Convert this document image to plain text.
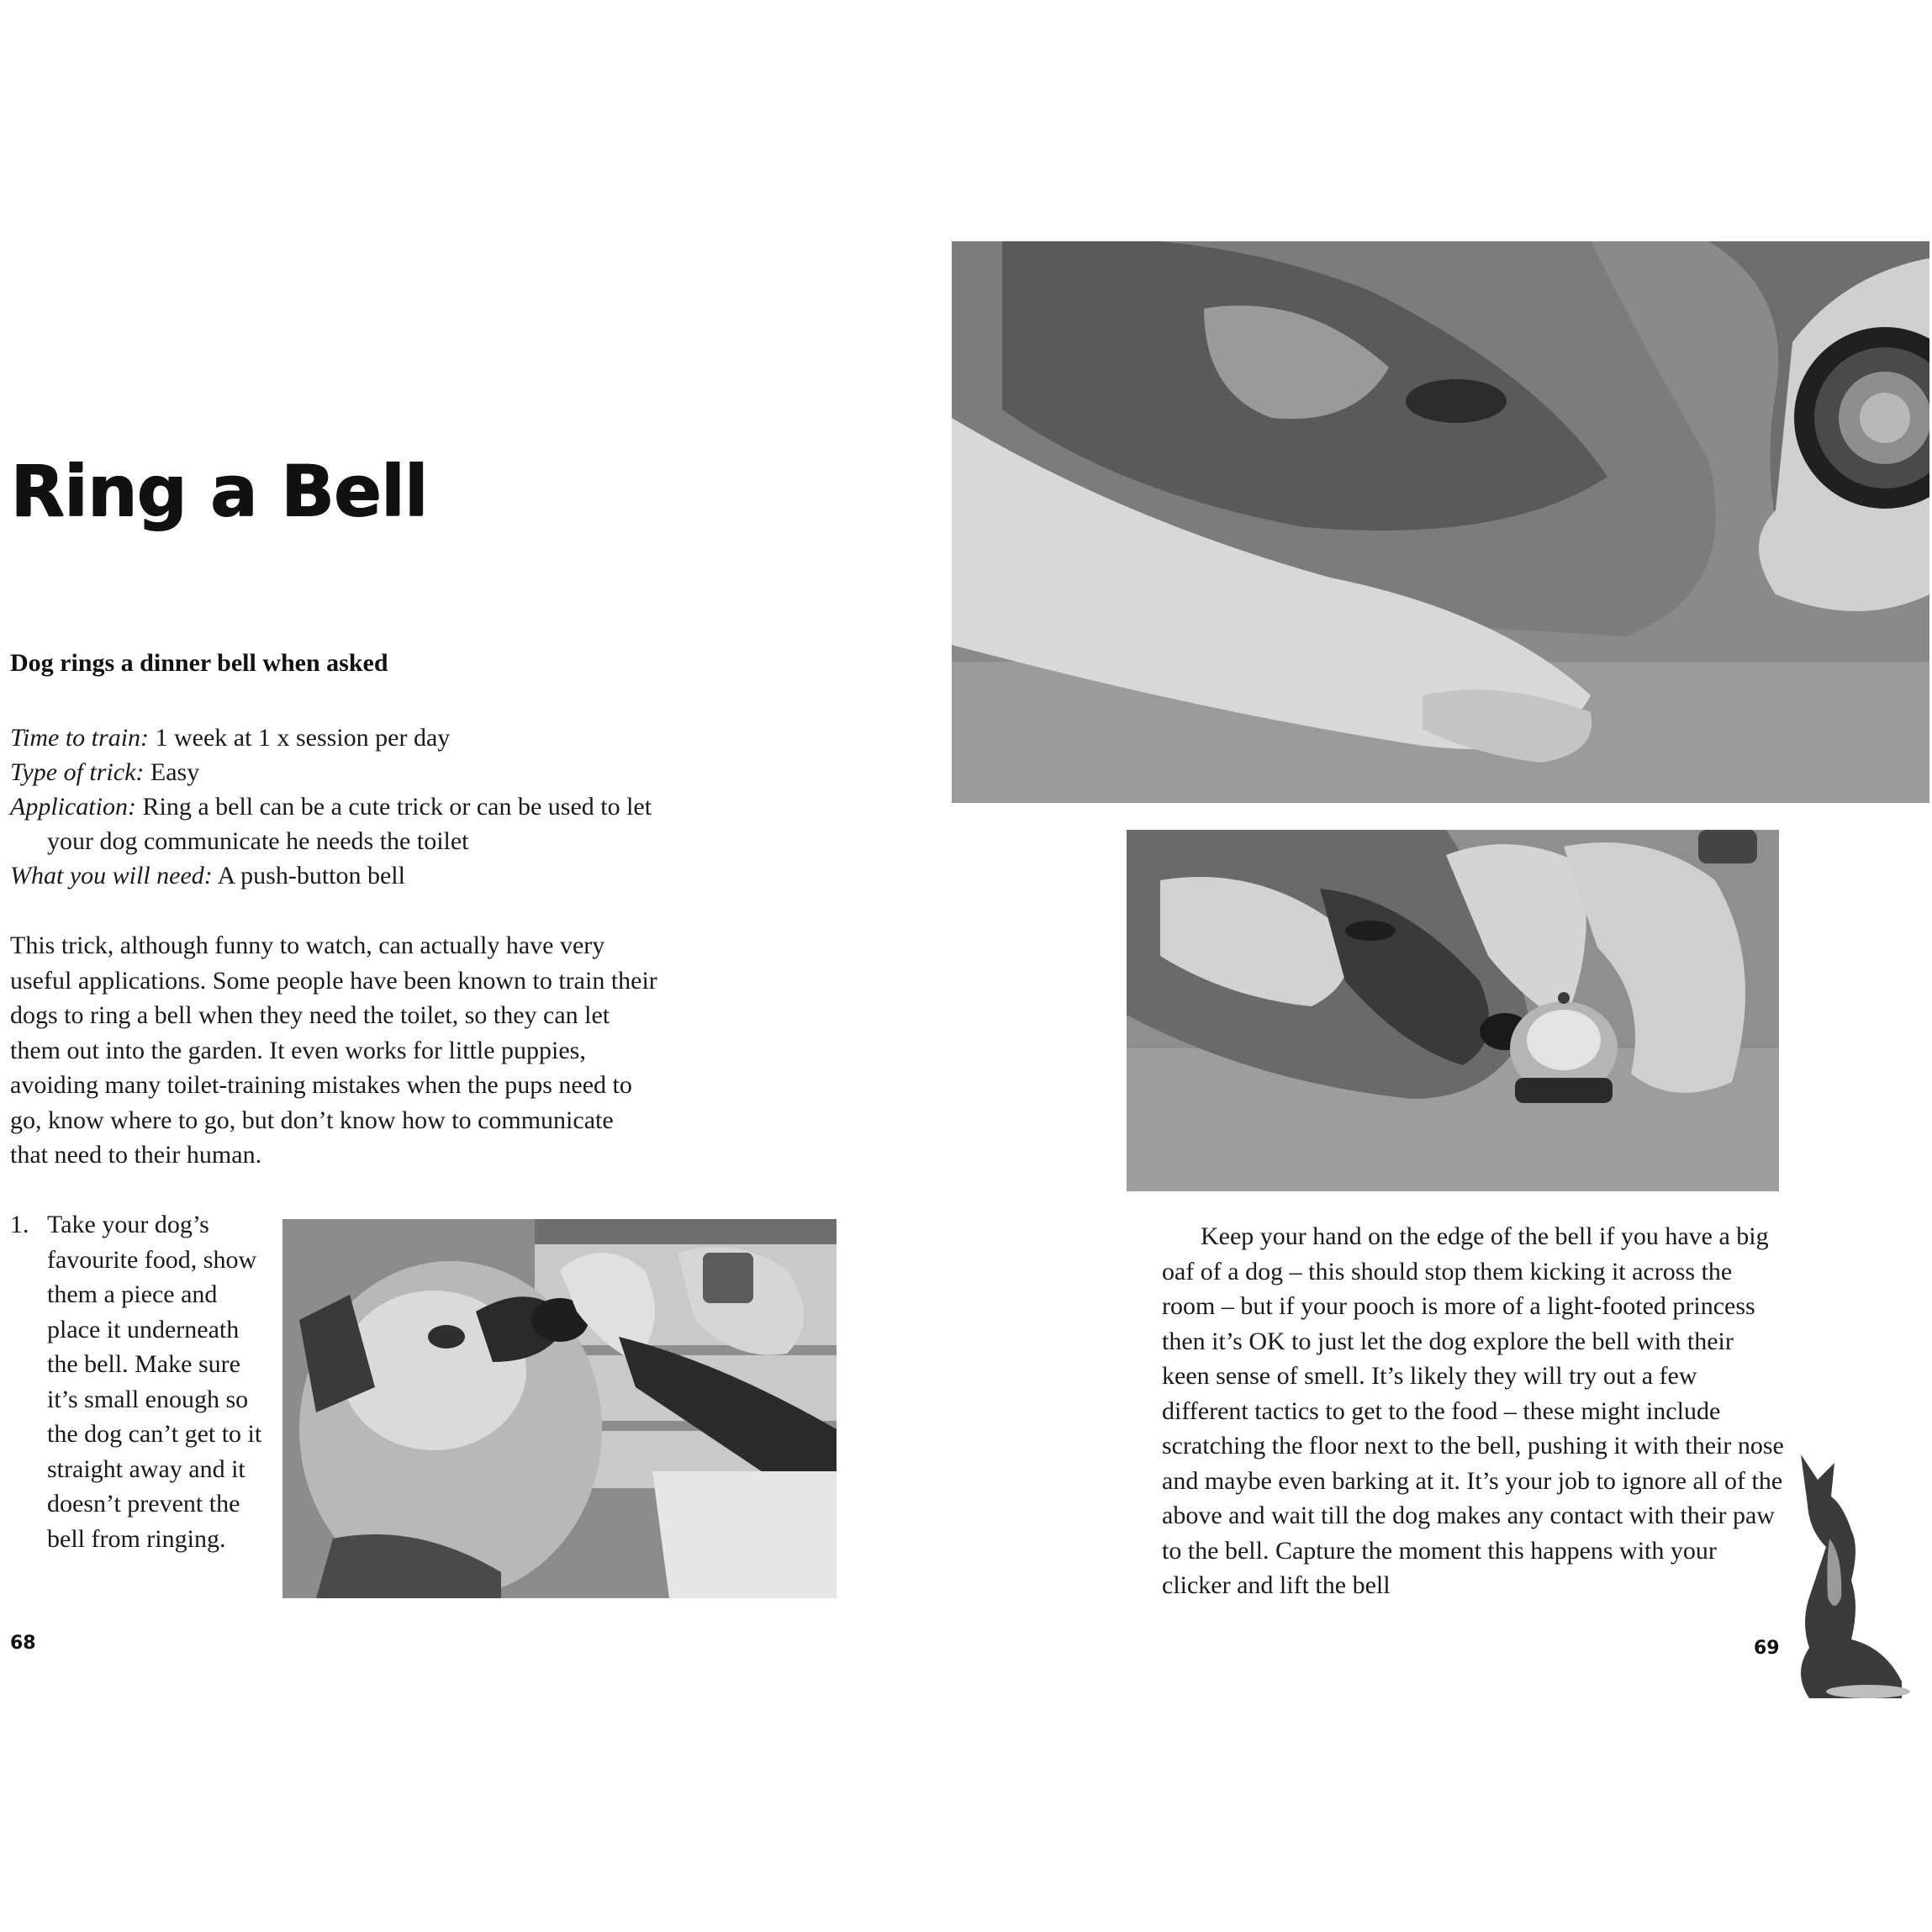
Ring a Bell
Dog rings a dinner bell when asked
Time to train: 1 week at 1 x session per day
Type of trick: Easy
Application: Ring a bell can be a cute trick or can be used to let your dog communicate he needs the toilet
What you will need: A push-button bell

This trick, although funny to watch, can actually have very useful applications. Some people have been known to train their dogs to ring a bell when they need the toilet, so they can let them out into the garden. It even works for little puppies, avoiding many toilet-training mistakes when the pups need to go, know where to go, but don’t know how to communicate that need to their human.

1. Take your dog’s favourite food, show them a piece and place it underneath the bell. Make sure it’s small enough so the dog can’t get to it straight away and it doesn’t prevent the bell from ringing.
68

Keep your hand on the edge of the bell if you have a big oaf of a dog – this should stop them kicking it across the room – but if your pooch is more of a light-footed princess then it’s OK to just let the dog explore the bell with their keen sense of smell. It’s likely they will try out a few different tactics to get to the food – these might include scratching the floor next to the bell, pushing it with their nose and maybe even barking at it. It’s your job to ignore all of the above and wait till the dog makes any contact with their paw to the bell. Capture the moment this happens with your clicker and lift the bell

69
